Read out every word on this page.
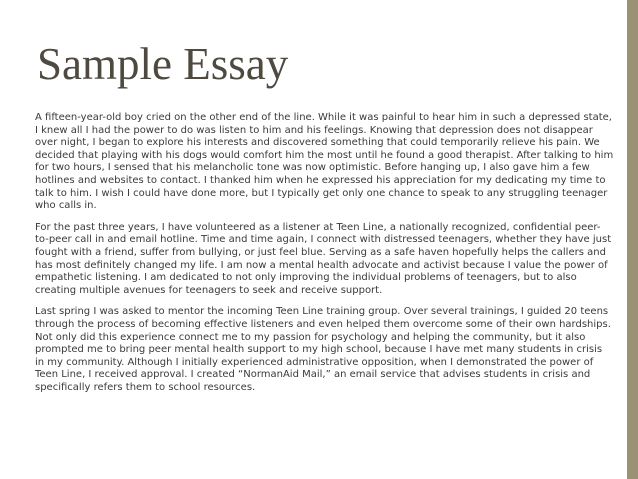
Sample Essay

A fifteen-year-old boy cried on the other end of the line. While it was painful to hear him in such a depressed state, I knew all I had the power to do was listen to him and his feelings. Knowing that depression does not disappear over night, I began to explore his interests and discovered something that could temporarily relieve his pain. We decided that playing with his dogs would comfort him the most until he found a good therapist. After talking to him for two hours, I sensed that his melancholic tone was now optimistic. Before hanging up, I also gave him a few hotlines and websites to contact. I thanked him when he expressed his appreciation for my dedicating my time to talk to him. I wish I could have done more, but I typically get only one chance to speak to any struggling teenager who calls in.

For the past three years, I have volunteered as a listener at Teen Line, a nationally recognized, confidential peer-to-peer call in and email hotline. Time and time again, I connect with distressed teenagers, whether they have just fought with a friend, suffer from bullying, or just feel blue. Serving as a safe haven hopefully helps the callers and has most definitely changed my life. I am now a mental health advocate and activist because I value the power of empathetic listening. I am dedicated to not only improving the individual problems of teenagers, but to also creating multiple avenues for teenagers to seek and receive support.

Last spring I was asked to mentor the incoming Teen Line training group. Over several trainings, I guided 20 teens through the process of becoming effective listeners and even helped them overcome some of their own hardships. Not only did this experience connect me to my passion for psychology and helping the community, but it also prompted me to bring peer mental health support to my high school, because I have met many students in crisis in my community. Although I initially experienced administrative opposition, when I demonstrated the power of Teen Line, I received approval. I created “NormanAid Mail,” an email service that advises students in crisis and specifically refers them to school resources.
